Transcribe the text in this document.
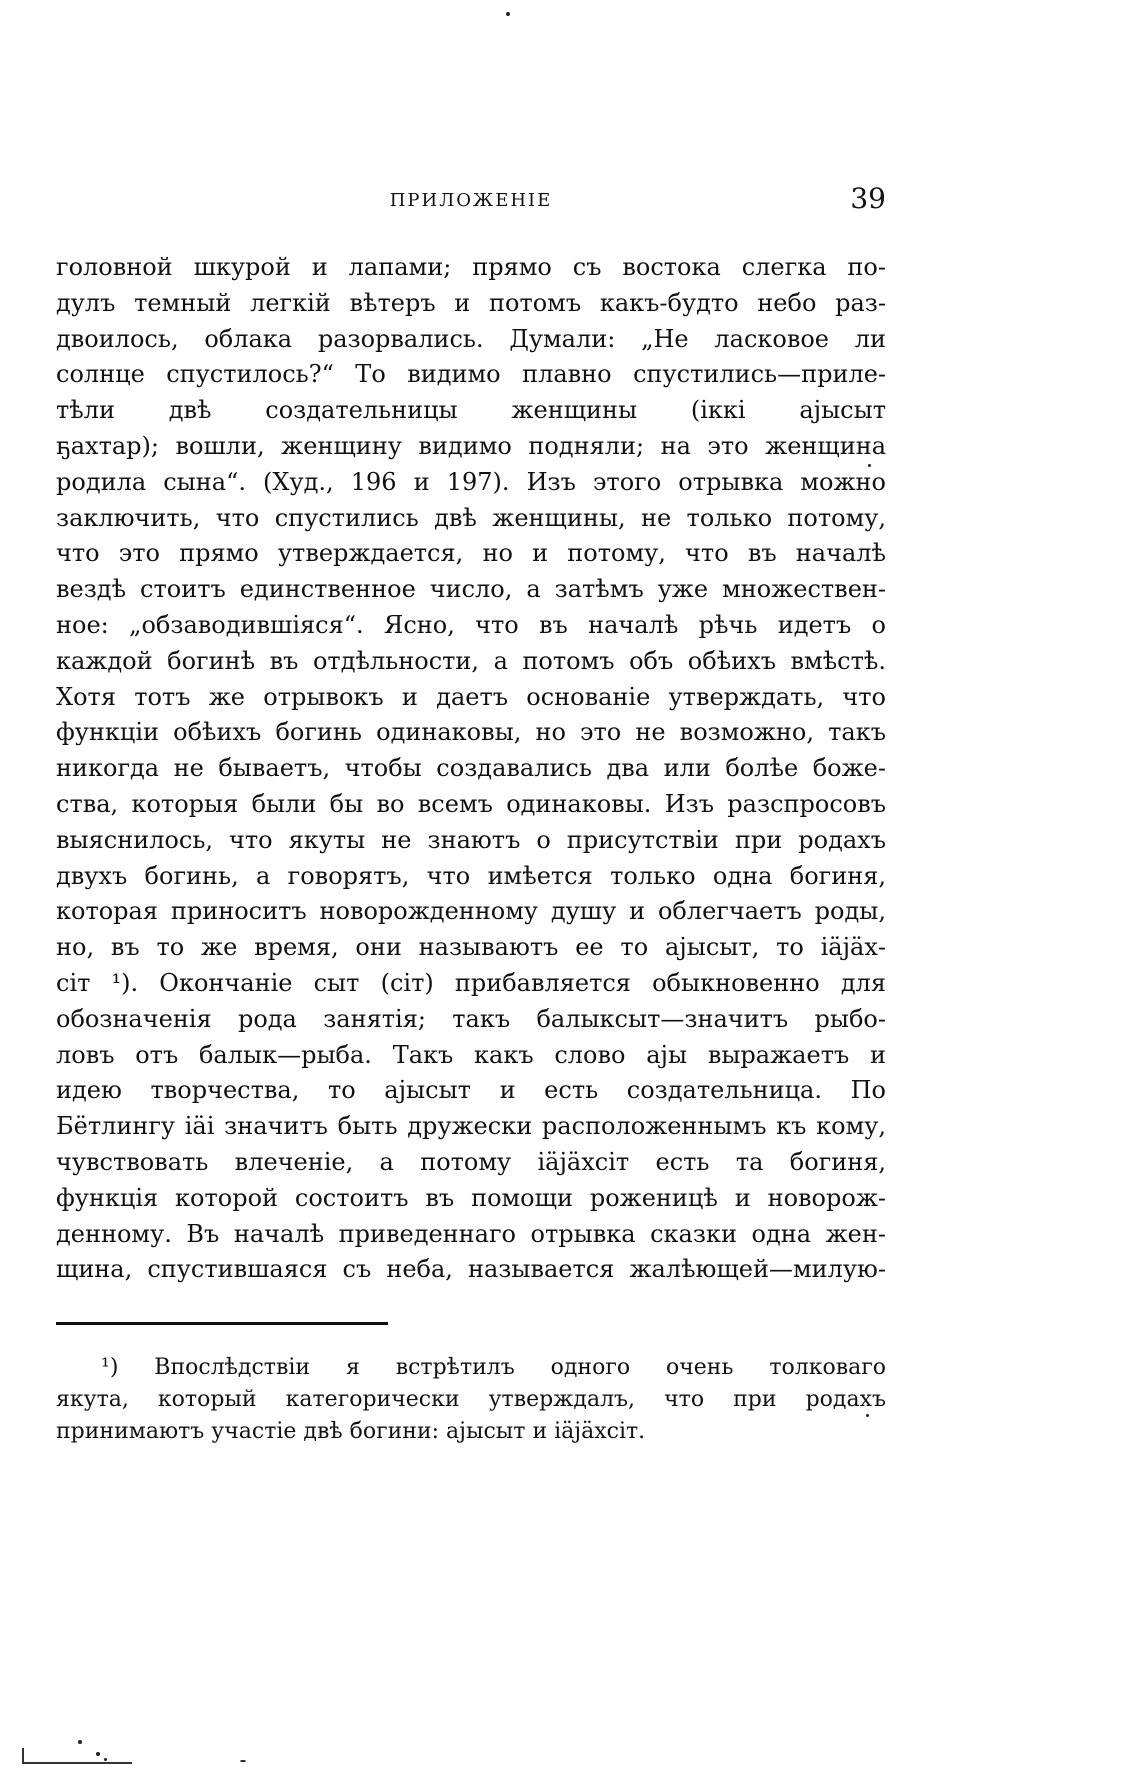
ПРИЛОЖЕНІЕ	39
головной шкурой и лапами; прямо съ востока слегка по-
дулъ темный легкій вѣтеръ и потомъ какъ-будто небо раз-
двоилось, облака разорвались. Думали: „Не ласковое ли
солнце спустилось?“ То видимо плавно спустились—приле-
тѣли двѣ создательницы женщины (іккі аjысыт
ҕахтар); вошли, женщину видимо подняли; на это женщина
родила сына“. (Худ., 196 и 197). Изъ этого отрывка можно
заключить, что спустились двѣ женщины, не только потому,
что это прямо утверждается, но и потому, что въ началѣ
вездѣ стоитъ единственное число, а затѣмъ уже множествен-
ное: „обзаводившіяся“. Ясно, что въ началѣ рѣчь идетъ о
каждой богинѣ въ отдѣльности, а потомъ объ обѣихъ вмѣстѣ.
Хотя тотъ же отрывокъ и даетъ основаніе утверждать, что
функціи обѣихъ богинь одинаковы, но это не возможно, такъ
никогда не бываетъ, чтобы создавались два или болѣе боже-
ства, которыя были бы во всемъ одинаковы. Изъ разспросовъ
выяснилось, что якуты не знаютъ о присутствіи при родахъ
двухъ богинь, а говорятъ, что имѣется только одна богиня,
которая приноситъ новорожденному душу и облегчаетъ роды,
но, въ то же время, они называютъ ее то аjысыт, то іäjäх-
сіт ¹). Окончаніе сыт (сіт) прибавляется обыкновенно для
обозначенія рода занятія; такъ балыксыт—значитъ рыбо-
ловъ отъ балык—рыба. Такъ какъ слово аjы выражаетъ и
идею творчества, то аjысыт и есть создательница. По
Бётлингу іäі значитъ быть дружески расположеннымъ къ кому,
чувствовать влеченіе, а потому іäjäхсіт есть та богиня,
функція которой состоитъ въ помощи роженицѣ и новорож-
денному. Въ началѣ приведеннаго отрывка сказки одна жен-
щина, спустившаяся съ неба, называется жалѣющей—милую-
¹) Впослѣдствіи я встрѣтилъ одного очень толковаго
якута, который категорически утверждалъ, что при родахъ
принимаютъ участіе двѣ богини: аjысыт и іäjäхсіт.
